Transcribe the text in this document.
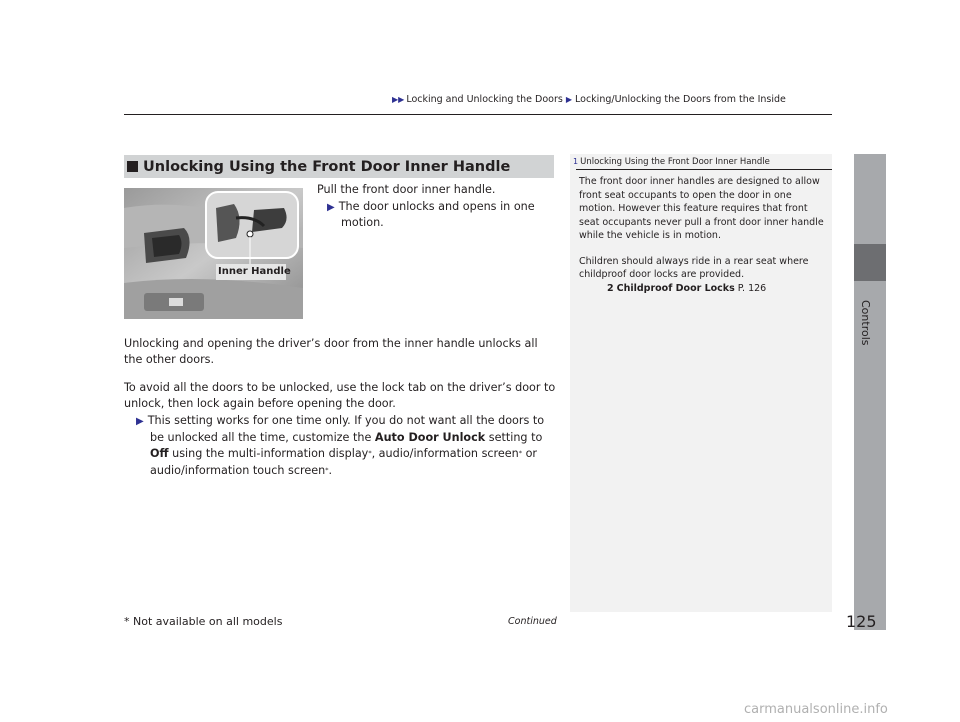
▶▶ Locking and Unlocking the Doors ▶ Locking/Unlocking the Doors from the Inside
Unlocking Using the Front Door Inner Handle
Inner Handle

Pull the front door inner handle.

▶ The door unlocks and opens in one motion.

Unlocking and opening the driver’s door from the inner handle unlocks all the other doors.

To avoid all the doors to be unlocked, use the lock tab on the driver’s door to unlock, then lock again before opening the door.

▶ This setting works for one time only. If you do not want all the doors to be unlocked all the time, customize the Auto Door Unlock setting to Off using the multi-information display*, audio/information screen* or audio/information touch screen*.

1 Unlocking Using the Front Door Inner Handle

The front door inner handles are designed to allow front seat occupants to open the door in one motion. However this feature requires that front seat occupants never pull a front door inner handle while the vehicle is in motion.

Children should always ride in a rear seat where childproof door locks are provided.

2 Childproof Door Locks P. 126

Continued
* Not available on all models	125
carmanualsonline.info
